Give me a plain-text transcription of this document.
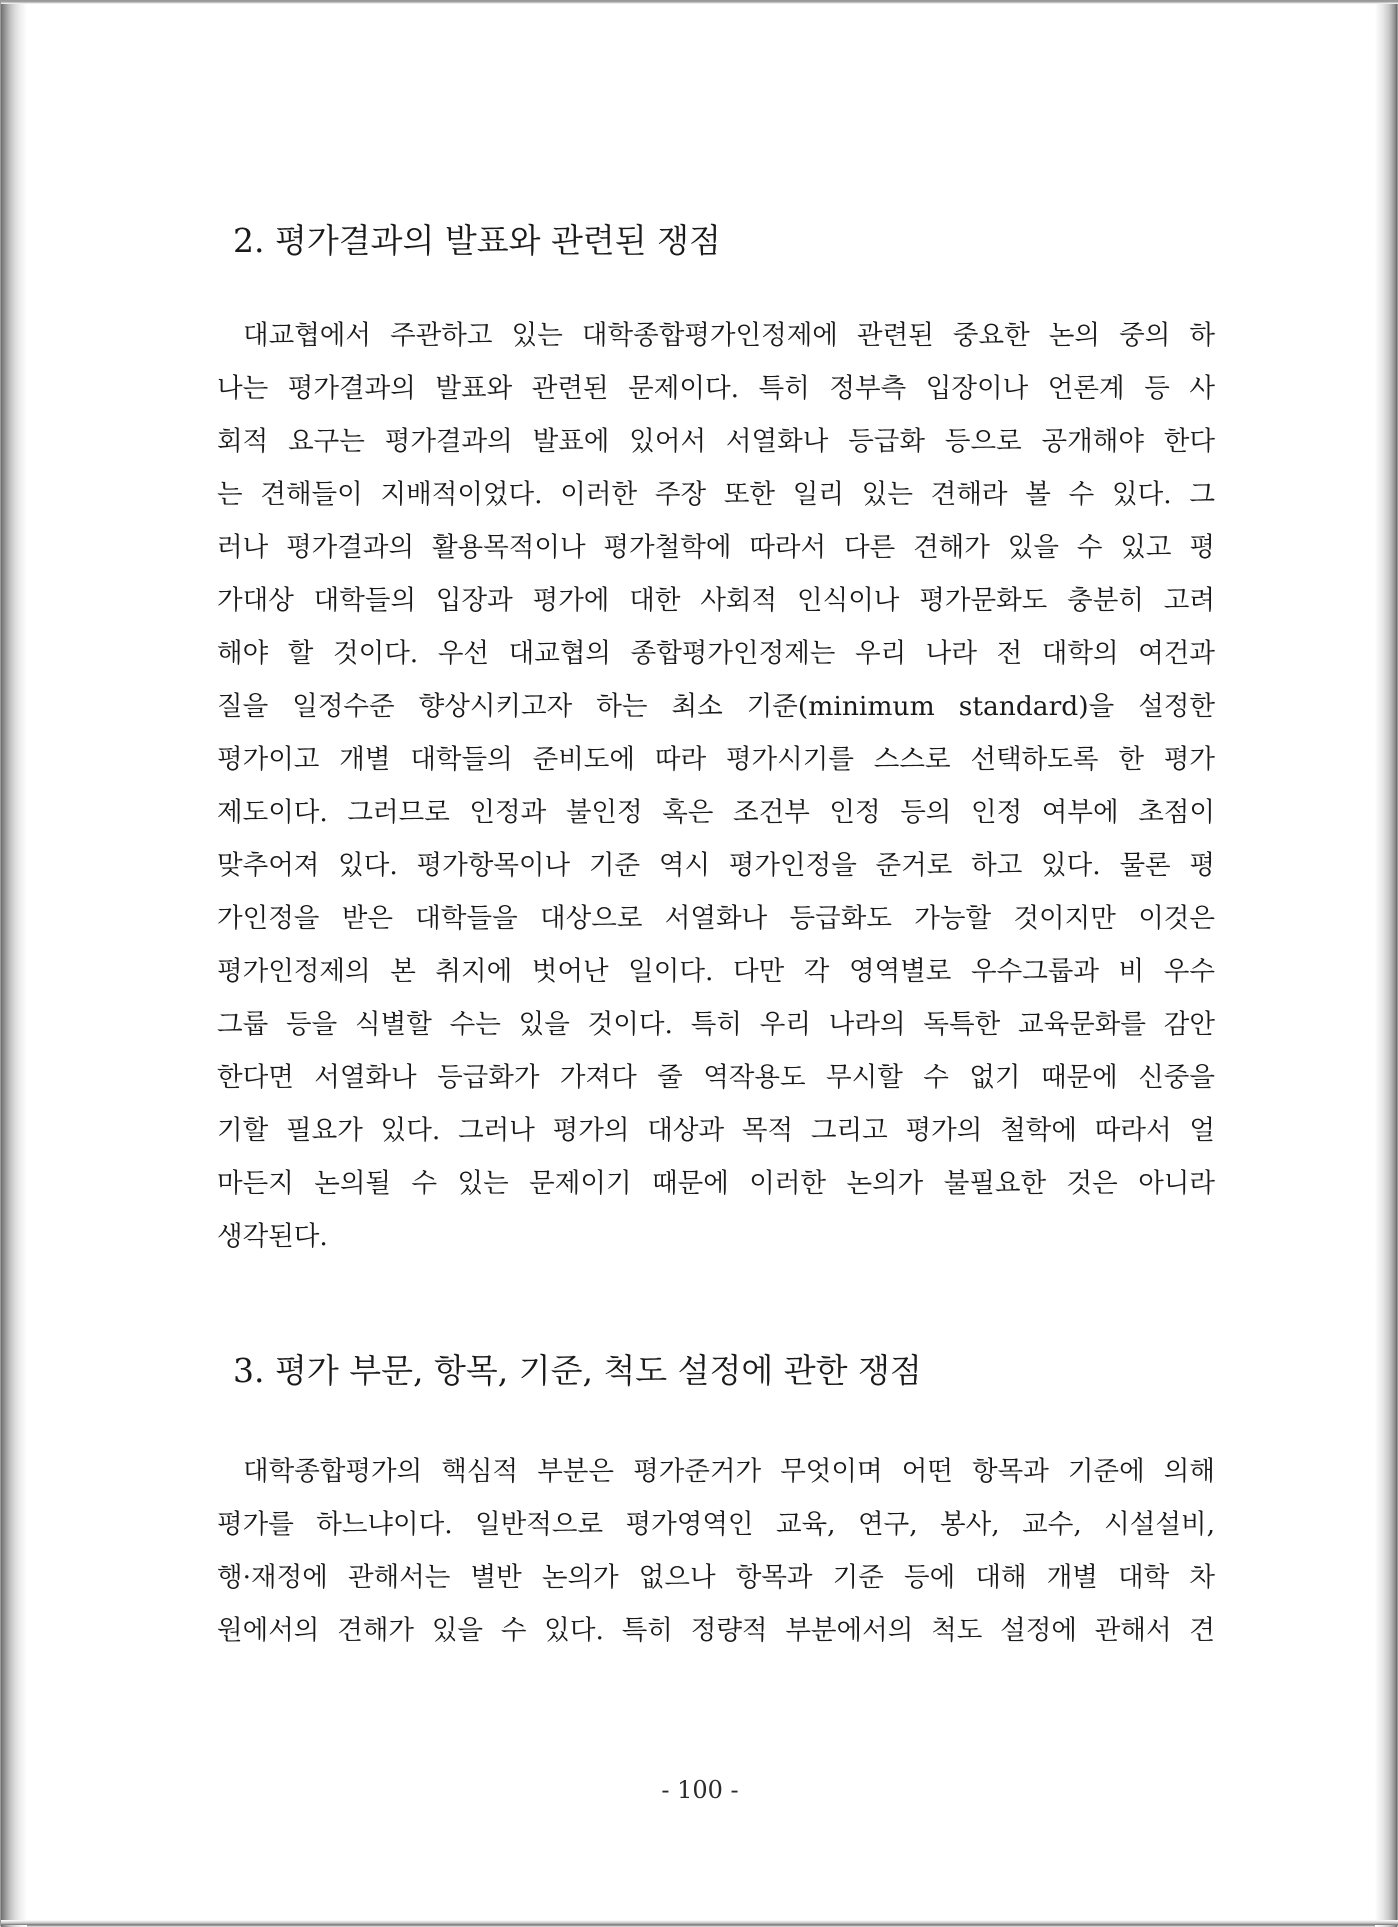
2. 평가결과의 발표와 관련된 쟁점
대교협에서 주관하고 있는 대학종합평가인정제에 관련된 중요한 논의 중의 하
나는 평가결과의 발표와 관련된 문제이다. 특히 정부측 입장이나 언론계 등 사
회적 요구는 평가결과의 발표에 있어서 서열화나 등급화 등으로 공개해야 한다
는 견해들이 지배적이었다. 이러한 주장 또한 일리 있는 견해라 볼 수 있다. 그
러나 평가결과의 활용목적이나 평가철학에 따라서 다른 견해가 있을 수 있고 평
가대상 대학들의 입장과 평가에 대한 사회적 인식이나 평가문화도 충분히 고려
해야 할 것이다. 우선 대교협의 종합평가인정제는 우리 나라 전 대학의 여건과
질을 일정수준 향상시키고자 하는 최소 기준(minimum standard)을 설정한
평가이고 개별 대학들의 준비도에 따라 평가시기를 스스로 선택하도록 한 평가
제도이다. 그러므로 인정과 불인정 혹은 조건부 인정 등의 인정 여부에 초점이
맞추어져 있다. 평가항목이나 기준 역시 평가인정을 준거로 하고 있다. 물론 평
가인정을 받은 대학들을 대상으로 서열화나 등급화도 가능할 것이지만 이것은
평가인정제의 본 취지에 벗어난 일이다. 다만 각 영역별로 우수그룹과 비 우수
그룹 등을 식별할 수는 있을 것이다. 특히 우리 나라의 독특한 교육문화를 감안
한다면 서열화나 등급화가 가져다 줄 역작용도 무시할 수 없기 때문에 신중을
기할 필요가 있다. 그러나 평가의 대상과 목적 그리고 평가의 철학에 따라서 얼
마든지 논의될 수 있는 문제이기 때문에 이러한 논의가 불필요한 것은 아니라
생각된다.
3. 평가 부문, 항목, 기준, 척도 설정에 관한 쟁점
대학종합평가의 핵심적 부분은 평가준거가 무엇이며 어떤 항목과 기준에 의해
평가를 하느냐이다. 일반적으로 평가영역인 교육, 연구, 봉사, 교수, 시설설비,
행·재정에 관해서는 별반 논의가 없으나 항목과 기준 등에 대해 개별 대학 차
원에서의 견해가 있을 수 있다. 특히 정량적 부분에서의 척도 설정에 관해서 견
- 100 -
